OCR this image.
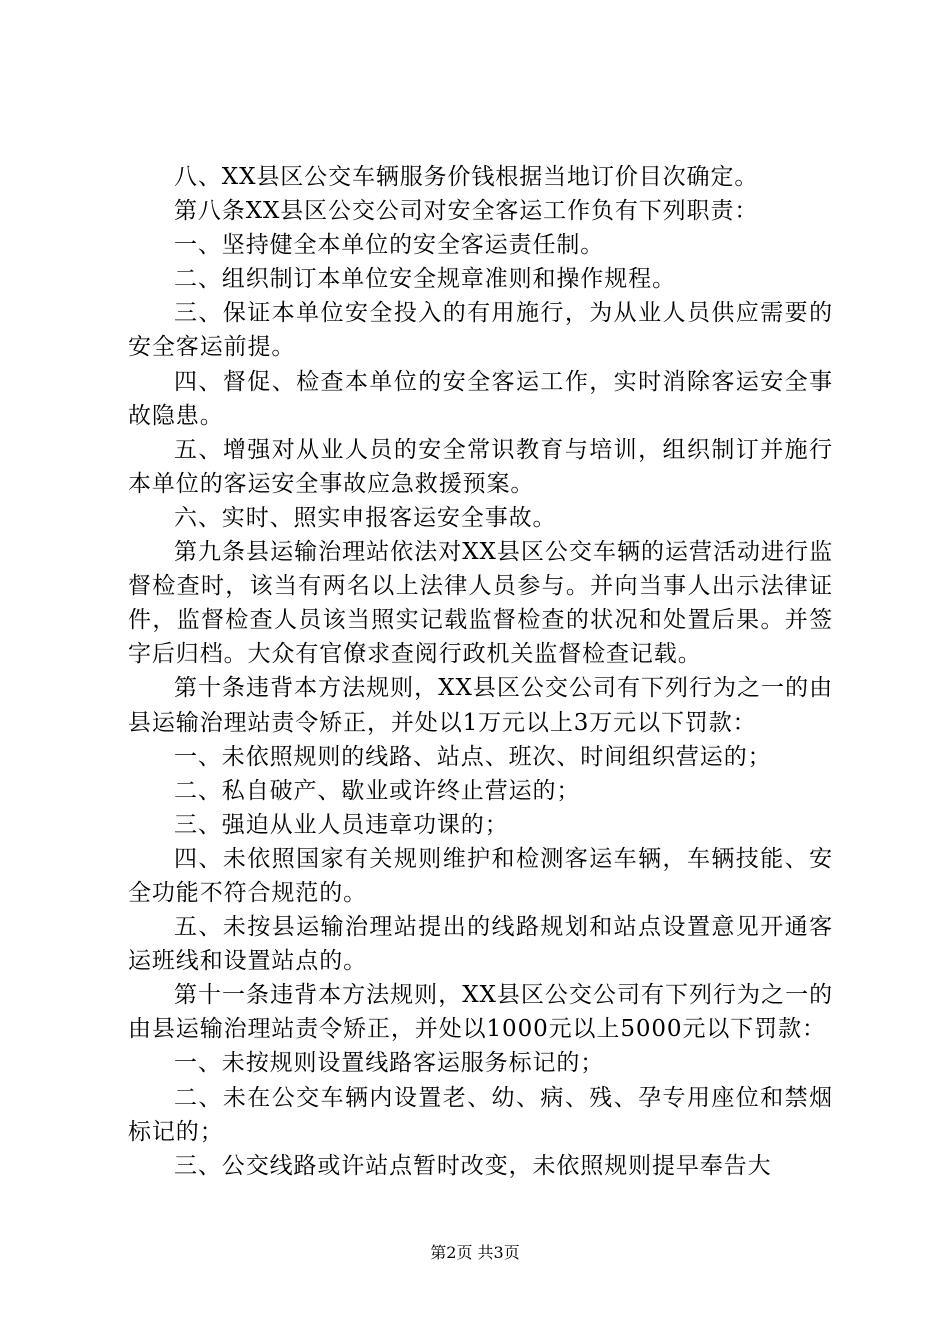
八、XX县区公交车辆服务价钱根据当地订价目次确定。

第八条XX县区公交公司对安全客运工作负有下列职责：

一、坚持健全本单位的安全客运责任制。

二、组织制订本单位安全规章准则和操作规程。

三、保证本单位安全投入的有用施行，为从业人员供应需要的安全客运前提。

四、督促、检查本单位的安全客运工作，实时消除客运安全事故隐患。

五、增强对从业人员的安全常识教育与培训，组织制订并施行本单位的客运安全事故应急救援预案。

六、实时、照实申报客运安全事故。

第九条县运输治理站依法对XX县区公交车辆的运营活动进行监督检查时，该当有两名以上法律人员参与。并向当事人出示法律证件，监督检查人员该当照实记载监督检查的状况和处置后果。并签字后归档。大众有官僚求查阅行政机关监督检查记载。

第十条违背本方法规则，XX县区公交公司有下列行为之一的由县运输治理站责令矫正，并处以1万元以上3万元以下罚款：

一、未依照规则的线路、站点、班次、时间组织营运的；

二、私自破产、歇业或许终止营运的；

三、强迫从业人员违章功课的；

四、未依照国家有关规则维护和检测客运车辆，车辆技能、安全功能不符合规范的。

五、未按县运输治理站提出的线路规划和站点设置意见开通客运班线和设置站点的。

第十一条违背本方法规则，XX县区公交公司有下列行为之一的由县运输治理站责令矫正，并处以1000元以上5000元以下罚款：

一、未按规则设置线路客运服务标记的；

二、未在公交车辆内设置老、幼、病、残、孕专用座位和禁烟标记的；

三、公交线路或许站点暂时改变，未依照规则提早奉告大

第2页 共3页
